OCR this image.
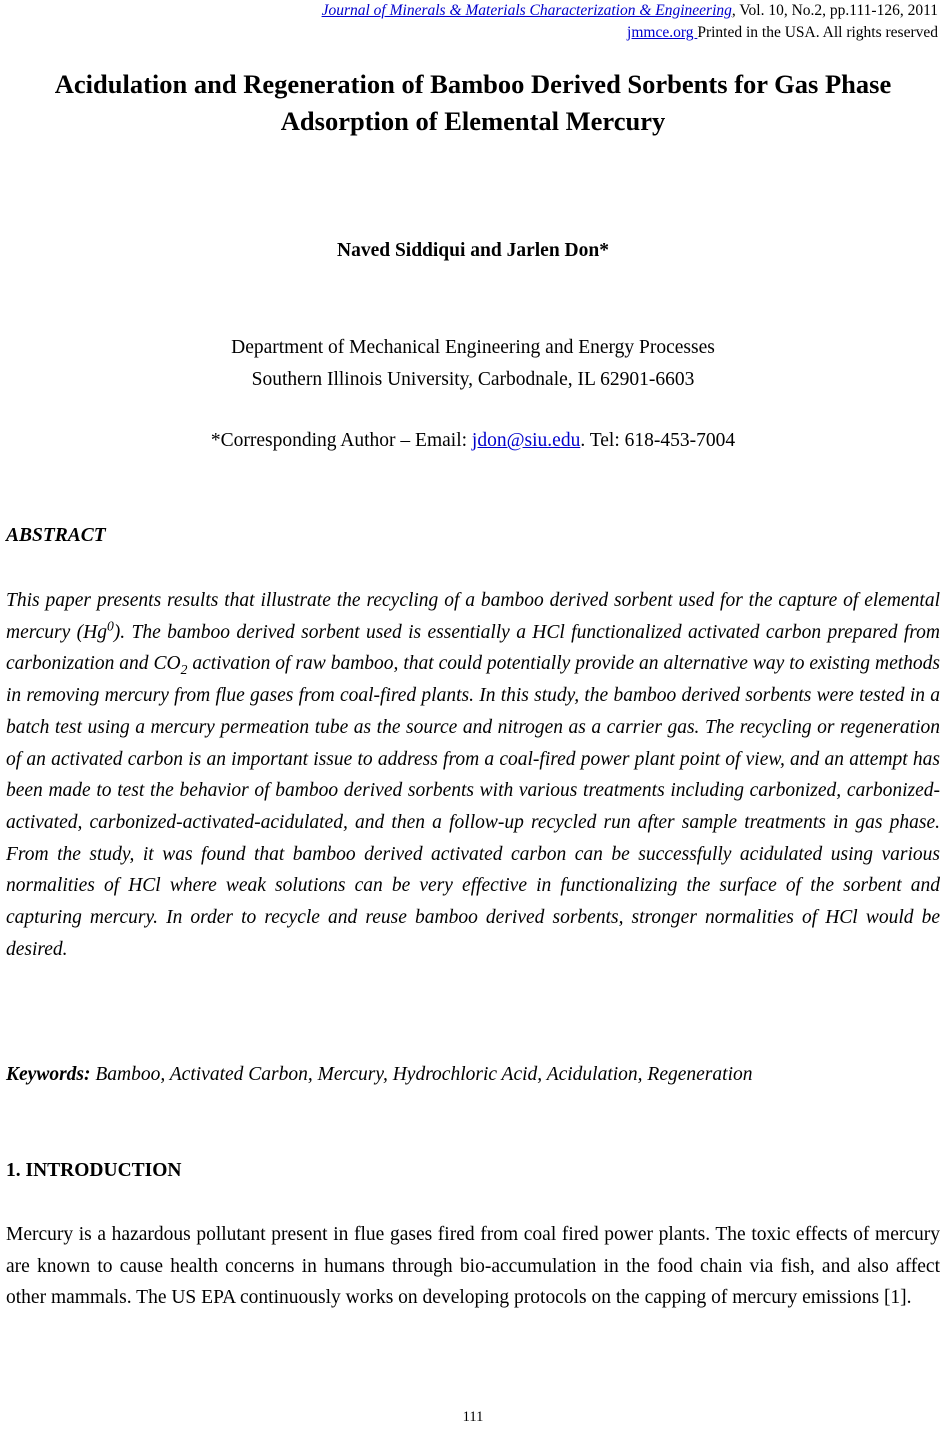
Journal of Minerals & Materials Characterization & Engineering, Vol. 10, No.2, pp.111-126, 2011
jmmce.org Printed in the USA. All rights reserved
Acidulation and Regeneration of Bamboo Derived Sorbents for Gas Phase
Adsorption of Elemental Mercury
Naved Siddiqui and Jarlen Don*
Department of Mechanical Engineering and Energy Processes
Southern Illinois University, Carbodnale, IL 62901-6603
*Corresponding Author – Email: jdon@siu.edu. Tel: 618-453-7004
ABSTRACT

This paper presents results that illustrate the recycling of a bamboo derived sorbent used for the capture of elemental mercury (Hg$^0$). The bamboo derived sorbent used is essentially a HCl functionalized activated carbon prepared from carbonization and $CO_2$ activation of raw bamboo, that could potentially provide an alternative way to existing methods in removing mercury from flue gases from coal-fired plants. In this study, the bamboo derived sorbents were tested in a batch test using a mercury permeation tube as the source and nitrogen as a carrier gas. The recycling or regeneration of an activated carbon is an important issue to address from a coal-fired power plant point of view, and an attempt has been made to test the behavior of bamboo derived sorbents with various treatments including carbonized, carbonized-activated, carbonized-activated-acidulated, and then a follow-up recycled run after sample treatments in gas phase. From the study, it was found that bamboo derived activated carbon can be successfully acidulated using various normalities of HCl where weak solutions can be very effective in functionalizing the surface of the sorbent and capturing mercury. In order to recycle and reuse bamboo derived sorbents, stronger normalities of HCl would be desired.

Keywords: Bamboo, Activated Carbon, Mercury, Hydrochloric Acid, Acidulation, Regeneration
1. INTRODUCTION

Mercury is a hazardous pollutant present in flue gases fired from coal fired power plants. The toxic effects of mercury are known to cause health concerns in humans through bio-accumulation in the food chain via fish, and also affect other mammals. The US EPA continuously works on developing protocols on the capping of mercury emissions [1].

111
